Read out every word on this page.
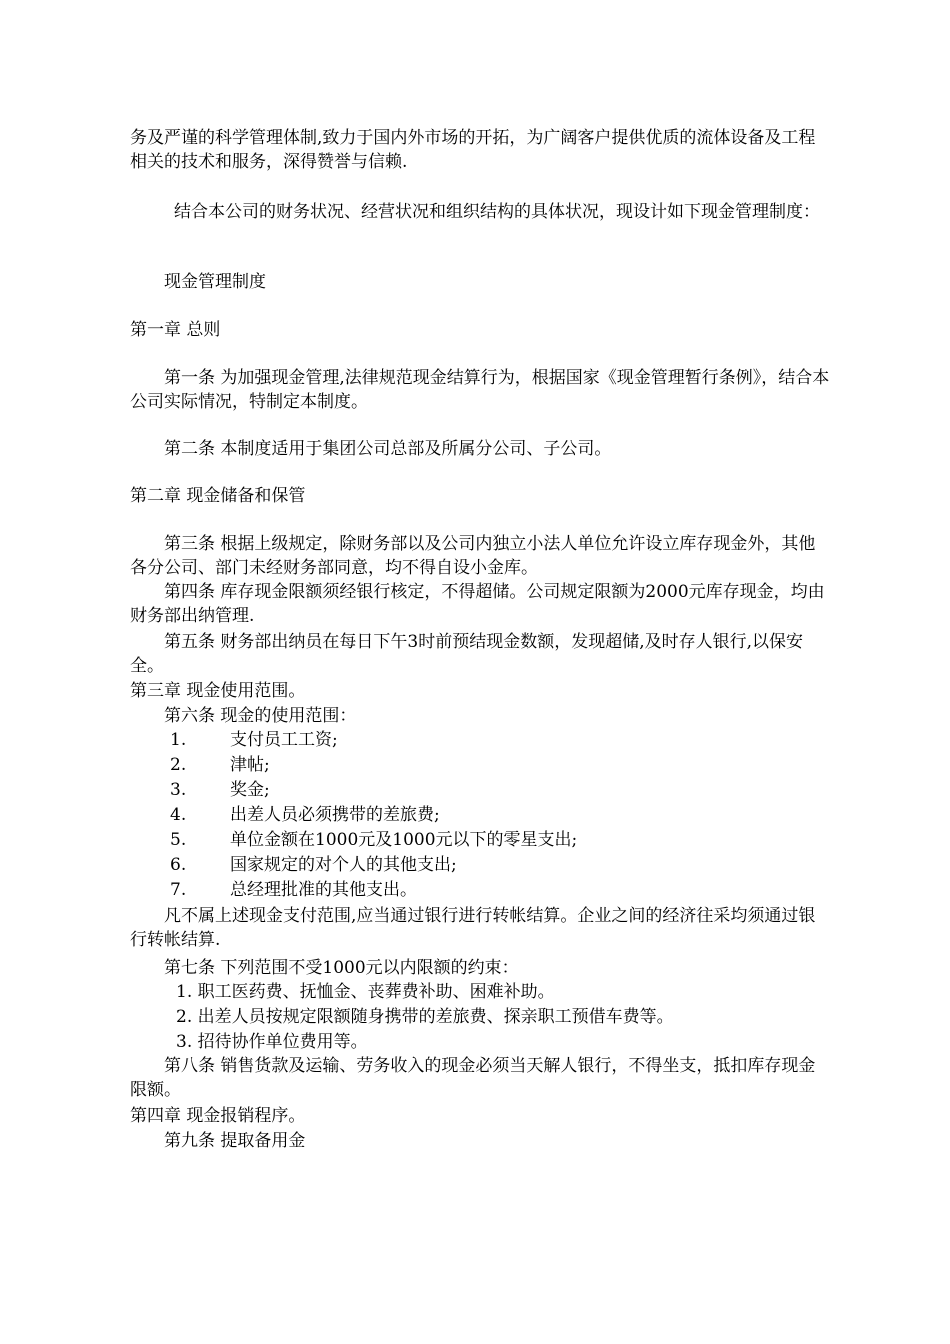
务及严谨的科学管理体制,致力于国内外市场的开拓，为广阔客户提供优质的流体设备及工程相关的技术和服务，深得赞誉与信赖.

结合本公司的财务状况、经营状况和组织结构的具体状况，现设计如下现金管理制度：

现金管理制度

第一章 总则

第一条 为加强现金管理,法律规范现金结算行为，根据国家《现金管理暂行条例》，结合本公司实际情况，特制定本制度。

第二条 本制度适用于集团公司总部及所属分公司、子公司。

第二章 现金储备和保管

第三条 根据上级规定，除财务部以及公司内独立小法人单位允许设立库存现金外，其他各分公司、部门未经财务部同意，均不得自设小金库。

第四条 库存现金限额须经银行核定，不得超储。公司规定限额为2000元库存现金，均由财务部出纳管理.

第五条 财务部出纳员在每日下午3时前预结现金数额，发现超储,及时存人银行,以保安全。

第三章 现金使用范围。

第六条 现金的使用范围：

1.	支付员工工资;
2.	津帖;
3.	奖金;
4.	出差人员必须携带的差旅费;
5.	单位金额在1000元及1000元以下的零星支出;
6.	国家规定的对个人的其他支出;
7.	总经理批准的其他支出。

凡不属上述现金支付范围,应当通过银行进行转帐结算。企业之间的经济往采均须通过银行转帐结算.

第七条 下列范围不受1000元以内限额的约束：

1. 职工医药费、抚恤金、丧葬费补助、困难补助。
2. 出差人员按规定限额随身携带的差旅费、探亲职工预借车费等。
3. 招待协作单位费用等。

第八条 销售货款及运输、劳务收入的现金必须当天解人银行，不得坐支，抵扣库存现金限额。

第四章 现金报销程序。

第九条 提取备用金
